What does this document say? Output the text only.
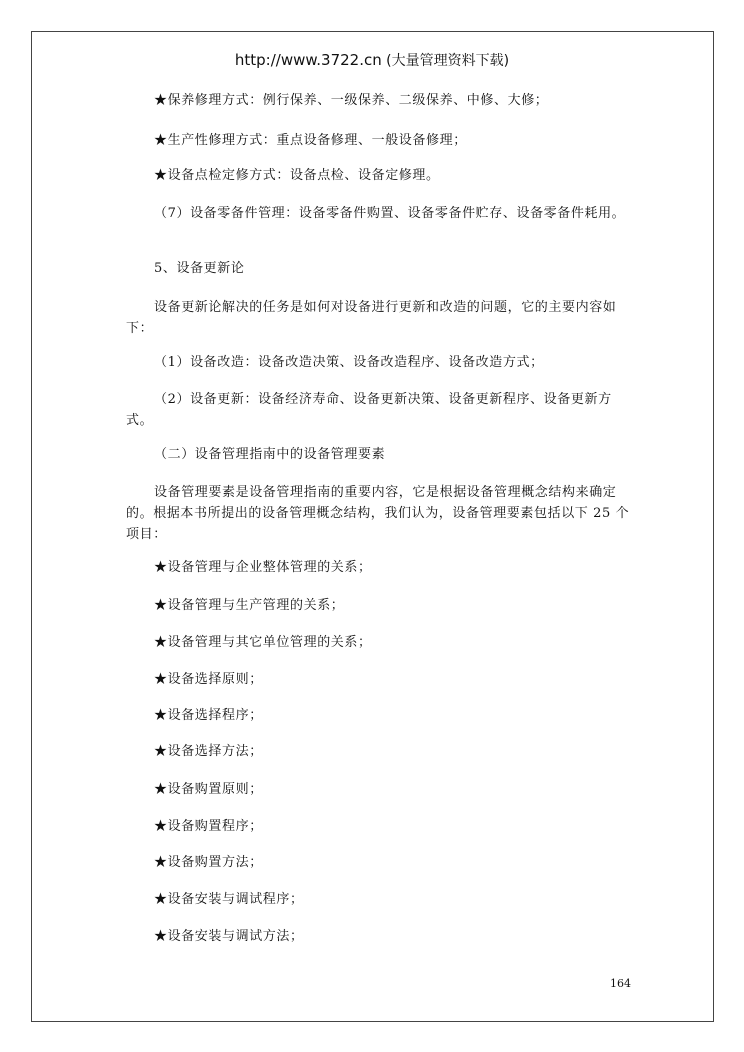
http://www.3722.cn (大量管理资料下载)
★保养修理方式：例行保养、一级保养、二级保养、中修、大修；
★生产性修理方式：重点设备修理、一般设备修理；
★设备点检定修方式：设备点检、设备定修理。
（7）设备零备件管理：设备零备件购置、设备零备件贮存、设备零备件耗用。
5、设备更新论
设备更新论解决的任务是如何对设备进行更新和改造的问题，它的主要内容如下：
（1）设备改造：设备改造决策、设备改造程序、设备改造方式；
（2）设备更新：设备经济寿命、设备更新决策、设备更新程序、设备更新方式。
（二）设备管理指南中的设备管理要素
设备管理要素是设备管理指南的重要内容，它是根据设备管理概念结构来确定的。根据本书所提出的设备管理概念结构，我们认为，设备管理要素包括以下 25 个项目：
★设备管理与企业整体管理的关系；
★设备管理与生产管理的关系；
★设备管理与其它单位管理的关系；
★设备选择原则；
★设备选择程序；
★设备选择方法；
★设备购置原则；
★设备购置程序；
★设备购置方法；
★设备安装与调试程序；
★设备安装与调试方法；
164
